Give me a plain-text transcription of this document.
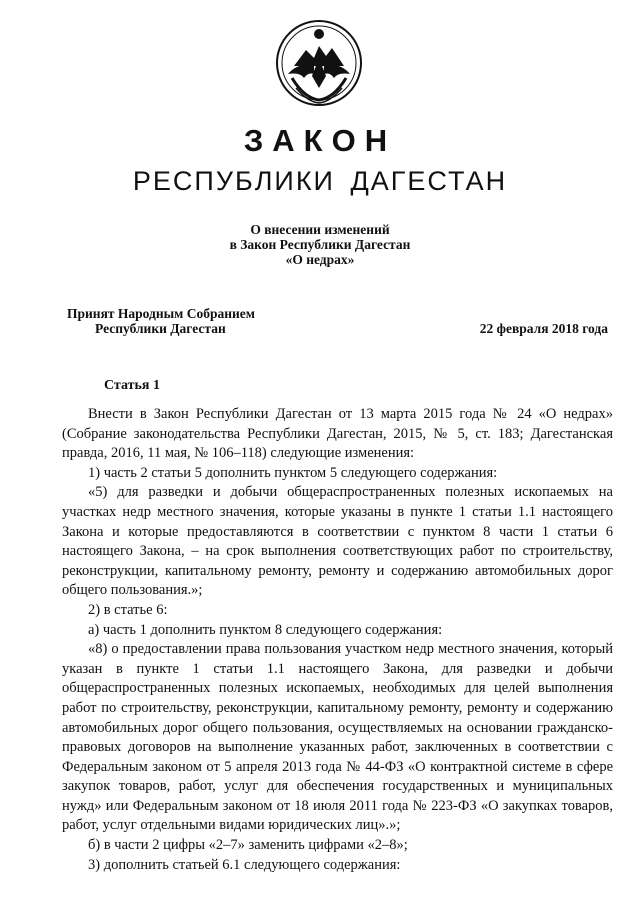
ЗАКОН
РЕСПУБЛИКИ ДАГЕСТАН
О внесении изменений
в Закон Республики Дагестан
«О недрах»
Принят Народным Собранием
Республики Дагестан	22 февраля 2018 года
Статья 1

Внести в Закон Республики Дагестан от 13 марта 2015 года № 24 «О недрах» (Собрание законодательства Республики Дагестан, 2015, № 5, ст. 183; Дагестанская правда, 2016, 11 мая, № 106–118) следующие изменения:

1) часть 2 статьи 5 дополнить пунктом 5 следующего содержания:

«5) для разведки и добычи общераспространенных полезных ископаемых на участках недр местного значения, которые указаны в пункте 1 статьи 1.1 настоящего Закона и которые предоставляются в соответствии с пунктом 8 части 1 статьи 6 настоящего Закона, – на срок выполнения соответствующих работ по строительству, реконструкции, капитальному ремонту, ремонту и содержанию автомобильных дорог общего пользования.»;

2) в статье 6:

а) часть 1 дополнить пунктом 8 следующего содержания:

«8) о предоставлении права пользования участком недр местного значения, который указан в пункте 1 статьи 1.1 настоящего Закона, для разведки и добычи общераспространенных полезных ископаемых, необходимых для целей выполнения работ по строительству, реконструкции, капитальному ремонту, ремонту и содержанию автомобильных дорог общего пользования, осуществляемых на основании гражданско-правовых договоров на выполнение указанных работ, заключенных в соответствии с Федеральным законом от 5 апреля 2013 года № 44-ФЗ «О контрактной системе в сфере закупок товаров, работ, услуг для обеспечения государственных и муниципальных нужд» или Федеральным законом от 18 июля 2011 года № 223-ФЗ «О закупках товаров, работ, услуг отдельными видами юридических лиц».»;

б) в части 2 цифры «2–7» заменить цифрами «2–8»;

3) дополнить статьей 6.1 следующего содержания:
